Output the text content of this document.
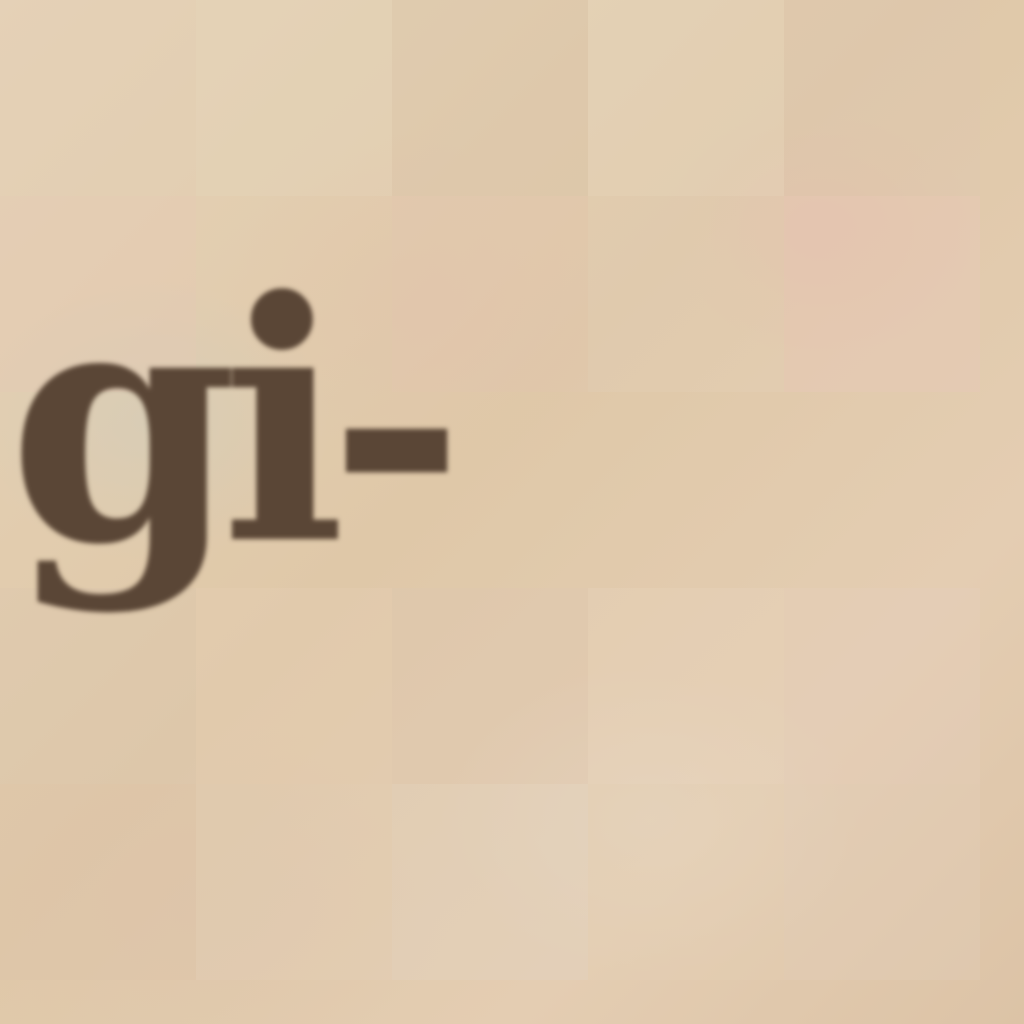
gi-
